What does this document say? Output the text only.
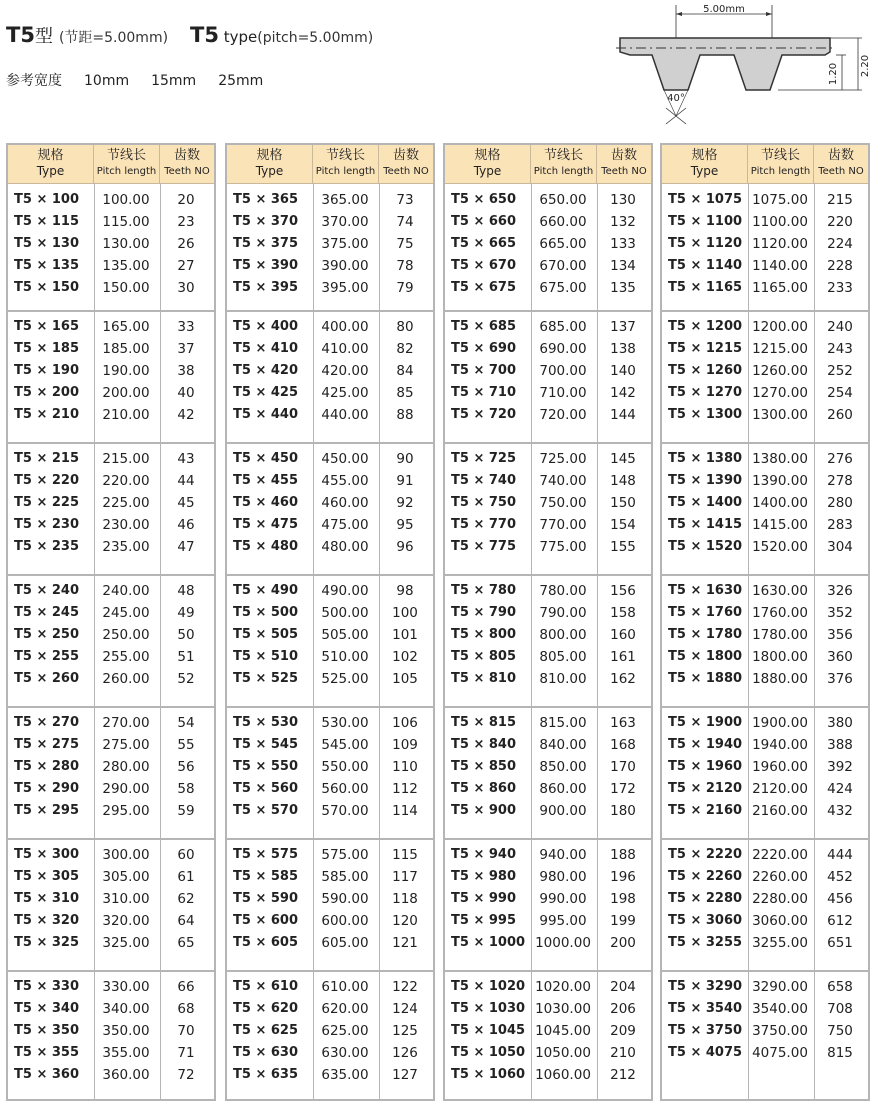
T5型 (节距=5.00mm) T5 type(pitch=5.00mm)
参考宽度 10mm 15mm 25mm
5.00mm
2.20
1.20
40°
规格
Type
节线长
Pitch length
齿数
Teeth NO
T5 × 100	100.00	20
T5 × 115	115.00	23
T5 × 130	130.00	26
T5 × 135	135.00	27
T5 × 150	150.00	30
T5 × 165	165.00	33
T5 × 185	185.00	37
T5 × 190	190.00	38
T5 × 200	200.00	40
T5 × 210	210.00	42
T5 × 215	215.00	43
T5 × 220	220.00	44
T5 × 225	225.00	45
T5 × 230	230.00	46
T5 × 235	235.00	47
T5 × 240	240.00	48
T5 × 245	245.00	49
T5 × 250	250.00	50
T5 × 255	255.00	51
T5 × 260	260.00	52
T5 × 270	270.00	54
T5 × 275	275.00	55
T5 × 280	280.00	56
T5 × 290	290.00	58
T5 × 295	295.00	59
T5 × 300	300.00	60
T5 × 305	305.00	61
T5 × 310	310.00	62
T5 × 320	320.00	64
T5 × 325	325.00	65
T5 × 330	330.00	66
T5 × 340	340.00	68
T5 × 350	350.00	70
T5 × 355	355.00	71
T5 × 360	360.00	72
规格
Type
节线长
Pitch length
齿数
Teeth NO
T5 × 365	365.00	73
T5 × 370	370.00	74
T5 × 375	375.00	75
T5 × 390	390.00	78
T5 × 395	395.00	79
T5 × 400	400.00	80
T5 × 410	410.00	82
T5 × 420	420.00	84
T5 × 425	425.00	85
T5 × 440	440.00	88
T5 × 450	450.00	90
T5 × 455	455.00	91
T5 × 460	460.00	92
T5 × 475	475.00	95
T5 × 480	480.00	96
T5 × 490	490.00	98
T5 × 500	500.00	100
T5 × 505	505.00	101
T5 × 510	510.00	102
T5 × 525	525.00	105
T5 × 530	530.00	106
T5 × 545	545.00	109
T5 × 550	550.00	110
T5 × 560	560.00	112
T5 × 570	570.00	114
T5 × 575	575.00	115
T5 × 585	585.00	117
T5 × 590	590.00	118
T5 × 600	600.00	120
T5 × 605	605.00	121
T5 × 610	610.00	122
T5 × 620	620.00	124
T5 × 625	625.00	125
T5 × 630	630.00	126
T5 × 635	635.00	127
规格
Type
节线长
Pitch length
齿数
Teeth NO
T5 × 650	650.00	130
T5 × 660	660.00	132
T5 × 665	665.00	133
T5 × 670	670.00	134
T5 × 675	675.00	135
T5 × 685	685.00	137
T5 × 690	690.00	138
T5 × 700	700.00	140
T5 × 710	710.00	142
T5 × 720	720.00	144
T5 × 725	725.00	145
T5 × 740	740.00	148
T5 × 750	750.00	150
T5 × 770	770.00	154
T5 × 775	775.00	155
T5 × 780	780.00	156
T5 × 790	790.00	158
T5 × 800	800.00	160
T5 × 805	805.00	161
T5 × 810	810.00	162
T5 × 815	815.00	163
T5 × 840	840.00	168
T5 × 850	850.00	170
T5 × 860	860.00	172
T5 × 900	900.00	180
T5 × 940	940.00	188
T5 × 980	980.00	196
T5 × 990	990.00	198
T5 × 995	995.00	199
T5 × 1000 1000.00	200
T5 × 1020 1020.00	204
T5 × 1030 1030.00	206
T5 × 1045 1045.00	209
T5 × 1050 1050.00	210
T5 × 1060 1060.00	212
规格
Type
节线长
Pitch length
齿数
Teeth NO
T5 × 1075 1075.00	215
T5 × 1100 1100.00	220
T5 × 1120 1120.00	224
T5 × 1140 1140.00	228
T5 × 1165 1165.00	233
T5 × 1200 1200.00	240
T5 × 1215 1215.00	243
T5 × 1260 1260.00	252
T5 × 1270 1270.00	254
T5 × 1300 1300.00	260
T5 × 1380 1380.00	276
T5 × 1390 1390.00	278
T5 × 1400 1400.00	280
T5 × 1415 1415.00	283
T5 × 1520 1520.00	304
T5 × 1630 1630.00	326
T5 × 1760 1760.00	352
T5 × 1780 1780.00	356
T5 × 1800 1800.00	360
T5 × 1880 1880.00	376
T5 × 1900 1900.00	380
T5 × 1940 1940.00	388
T5 × 1960 1960.00	392
T5 × 2120 2120.00	424
T5 × 2160 2160.00	432
T5 × 2220 2220.00	444
T5 × 2260 2260.00	452
T5 × 2280 2280.00	456
T5 × 3060 3060.00	612
T5 × 3255 3255.00	651
T5 × 3290 3290.00	658
T5 × 3540 3540.00	708
T5 × 3750 3750.00	750
T5 × 4075 4075.00	815
